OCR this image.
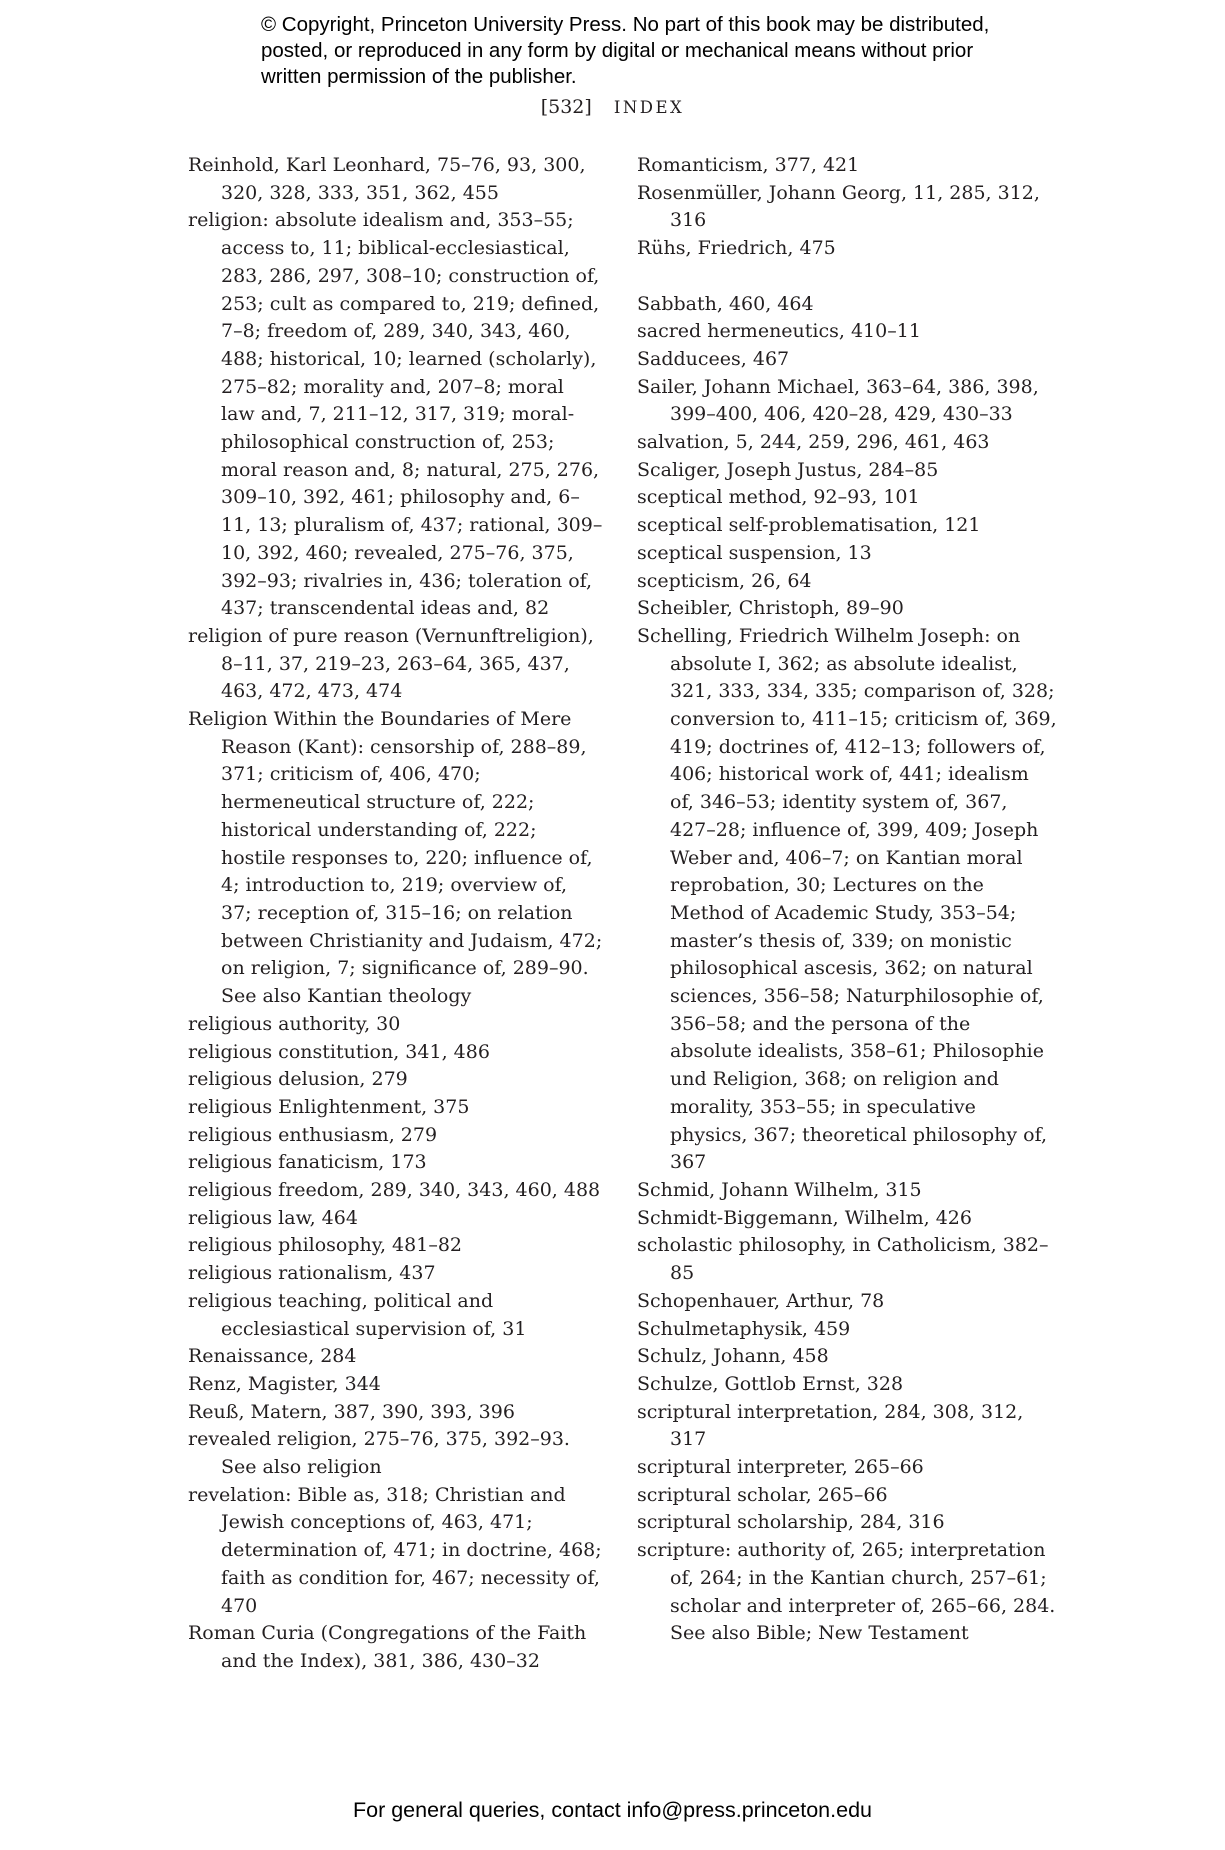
© Copyright, Princeton University Press. No part of this book may be distributed, posted, or reproduced in any form by digital or mechanical means without prior written permission of the publisher.
[532] INDEX
Reinhold, Karl Leonhard, 75–76, 93, 300, 320, 328, 333, 351, 362, 455
religion: absolute idealism and, 353–55; access to, 11; biblical-ecclesiastical, 283, 286, 297, 308–10; construction of, 253; cult as compared to, 219; defined, 7–8; freedom of, 289, 340, 343, 460, 488; historical, 10; learned (scholarly), 275–82; morality and, 207–8; moral law and, 7, 211–12, 317, 319; moral-philosophical construction of, 253; moral reason and, 8; natural, 275, 276, 309–10, 392, 461; philosophy and, 6–11, 13; pluralism of, 437; rational, 309–10, 392, 460; revealed, 275–76, 375, 392–93; rivalries in, 436; toleration of, 437; transcendental ideas and, 82
religion of pure reason (Vernunftreligion), 8–11, 37, 219–23, 263–64, 365, 437, 463, 472, 473, 474
Religion Within the Boundaries of Mere Reason (Kant): censorship of, 288–89, 371; criticism of, 406, 470; hermeneutical structure of, 222; historical understanding of, 222; hostile responses to, 220; influence of, 4; introduction to, 219; overview of, 37; reception of, 315–16; on relation between Christianity and Judaism, 472; on religion, 7; significance of, 289–90. See also Kantian theology
religious authority, 30
religious constitution, 341, 486
religious delusion, 279
religious Enlightenment, 375
religious enthusiasm, 279
religious fanaticism, 173
religious freedom, 289, 340, 343, 460, 488
religious law, 464
religious philosophy, 481–82
religious rationalism, 437
religious teaching, political and ecclesiastical supervision of, 31
Renaissance, 284
Renz, Magister, 344
Reuß, Matern, 387, 390, 393, 396
revealed religion, 275–76, 375, 392–93. See also religion
revelation: Bible as, 318; Christian and Jewish conceptions of, 463, 471; determination of, 471; in doctrine, 468; faith as condition for, 467; necessity of, 470
Roman Curia (Congregations of the Faith and the Index), 381, 386, 430–32
Romanticism, 377, 421
Rosenmüller, Johann Georg, 11, 285, 312, 316
Rühs, Friedrich, 475
Sabbath, 460, 464
sacred hermeneutics, 410–11
Sadducees, 467
Sailer, Johann Michael, 363–64, 386, 398, 399–400, 406, 420–28, 429, 430–33
salvation, 5, 244, 259, 296, 461, 463
Scaliger, Joseph Justus, 284–85
sceptical method, 92–93, 101
sceptical self-problematisation, 121
sceptical suspension, 13
scepticism, 26, 64
Scheibler, Christoph, 89–90
Schelling, Friedrich Wilhelm Joseph: on absolute I, 362; as absolute idealist, 321, 333, 334, 335; comparison of, 328; conversion to, 411–15; criticism of, 369, 419; doctrines of, 412–13; followers of, 406; historical work of, 441; idealism of, 346–53; identity system of, 367, 427–28; influence of, 399, 409; Joseph Weber and, 406–7; on Kantian moral reprobation, 30; Lectures on the Method of Academic Study, 353–54; master’s thesis of, 339; on monistic philosophical ascesis, 362; on natural sciences, 356–58; Naturphilosophie of, 356–58; and the persona of the absolute idealists, 358–61; Philosophie und Religion, 368; on religion and morality, 353–55; in speculative physics, 367; theoretical philosophy of, 367
Schmid, Johann Wilhelm, 315
Schmidt-Biggemann, Wilhelm, 426
scholastic philosophy, in Catholicism, 382–85
Schopenhauer, Arthur, 78
Schulmetaphysik, 459
Schulz, Johann, 458
Schulze, Gottlob Ernst, 328
scriptural interpretation, 284, 308, 312, 317
scriptural interpreter, 265–66
scriptural scholar, 265–66
scriptural scholarship, 284, 316
scripture: authority of, 265; interpretation of, 264; in the Kantian church, 257–61; scholar and interpreter of, 265–66, 284. See also Bible; New Testament
For general queries, contact info@press.princeton.edu
